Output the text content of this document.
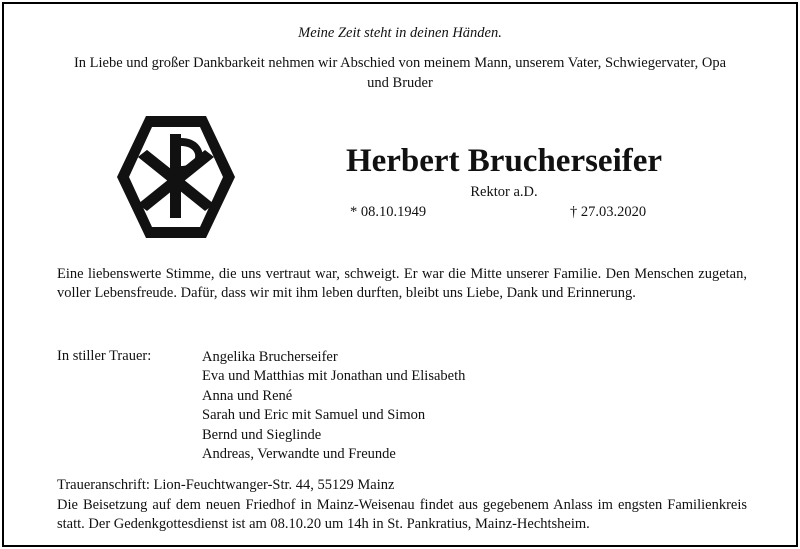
Meine Zeit steht in deinen Händen.
In Liebe und großer Dankbarkeit nehmen wir Abschied von meinem Mann, unserem Vater, Schwiegervater, Opa und Bruder
Herbert Brucherseifer
Rektor a.D.
* 08.10.1949	† 27.03.2020
Eine liebenswerte Stimme, die uns vertraut war, schweigt. Er war die Mitte unserer Familie. Den Menschen zugetan, voller Lebensfreude. Dafür, dass wir mit ihm leben durften, bleibt uns Liebe, Dank und Erinnerung.
In stiller Trauer:	Angelika Brucherseifer
Eva und Matthias mit Jonathan und Elisabeth
Anna und René
Sarah und Eric mit Samuel und Simon
Bernd und Sieglinde
Andreas, Verwandte und Freunde
Traueranschrift: Lion-Feuchtwanger-Str. 44, 55129 Mainz
Die Beisetzung auf dem neuen Friedhof in Mainz-Weisenau findet aus gegebenem Anlass im engsten Familienkreis statt. Der Gedenkgottesdienst ist am 08.10.20 um 14h in St. Pankratius, Mainz-Hechtsheim.
